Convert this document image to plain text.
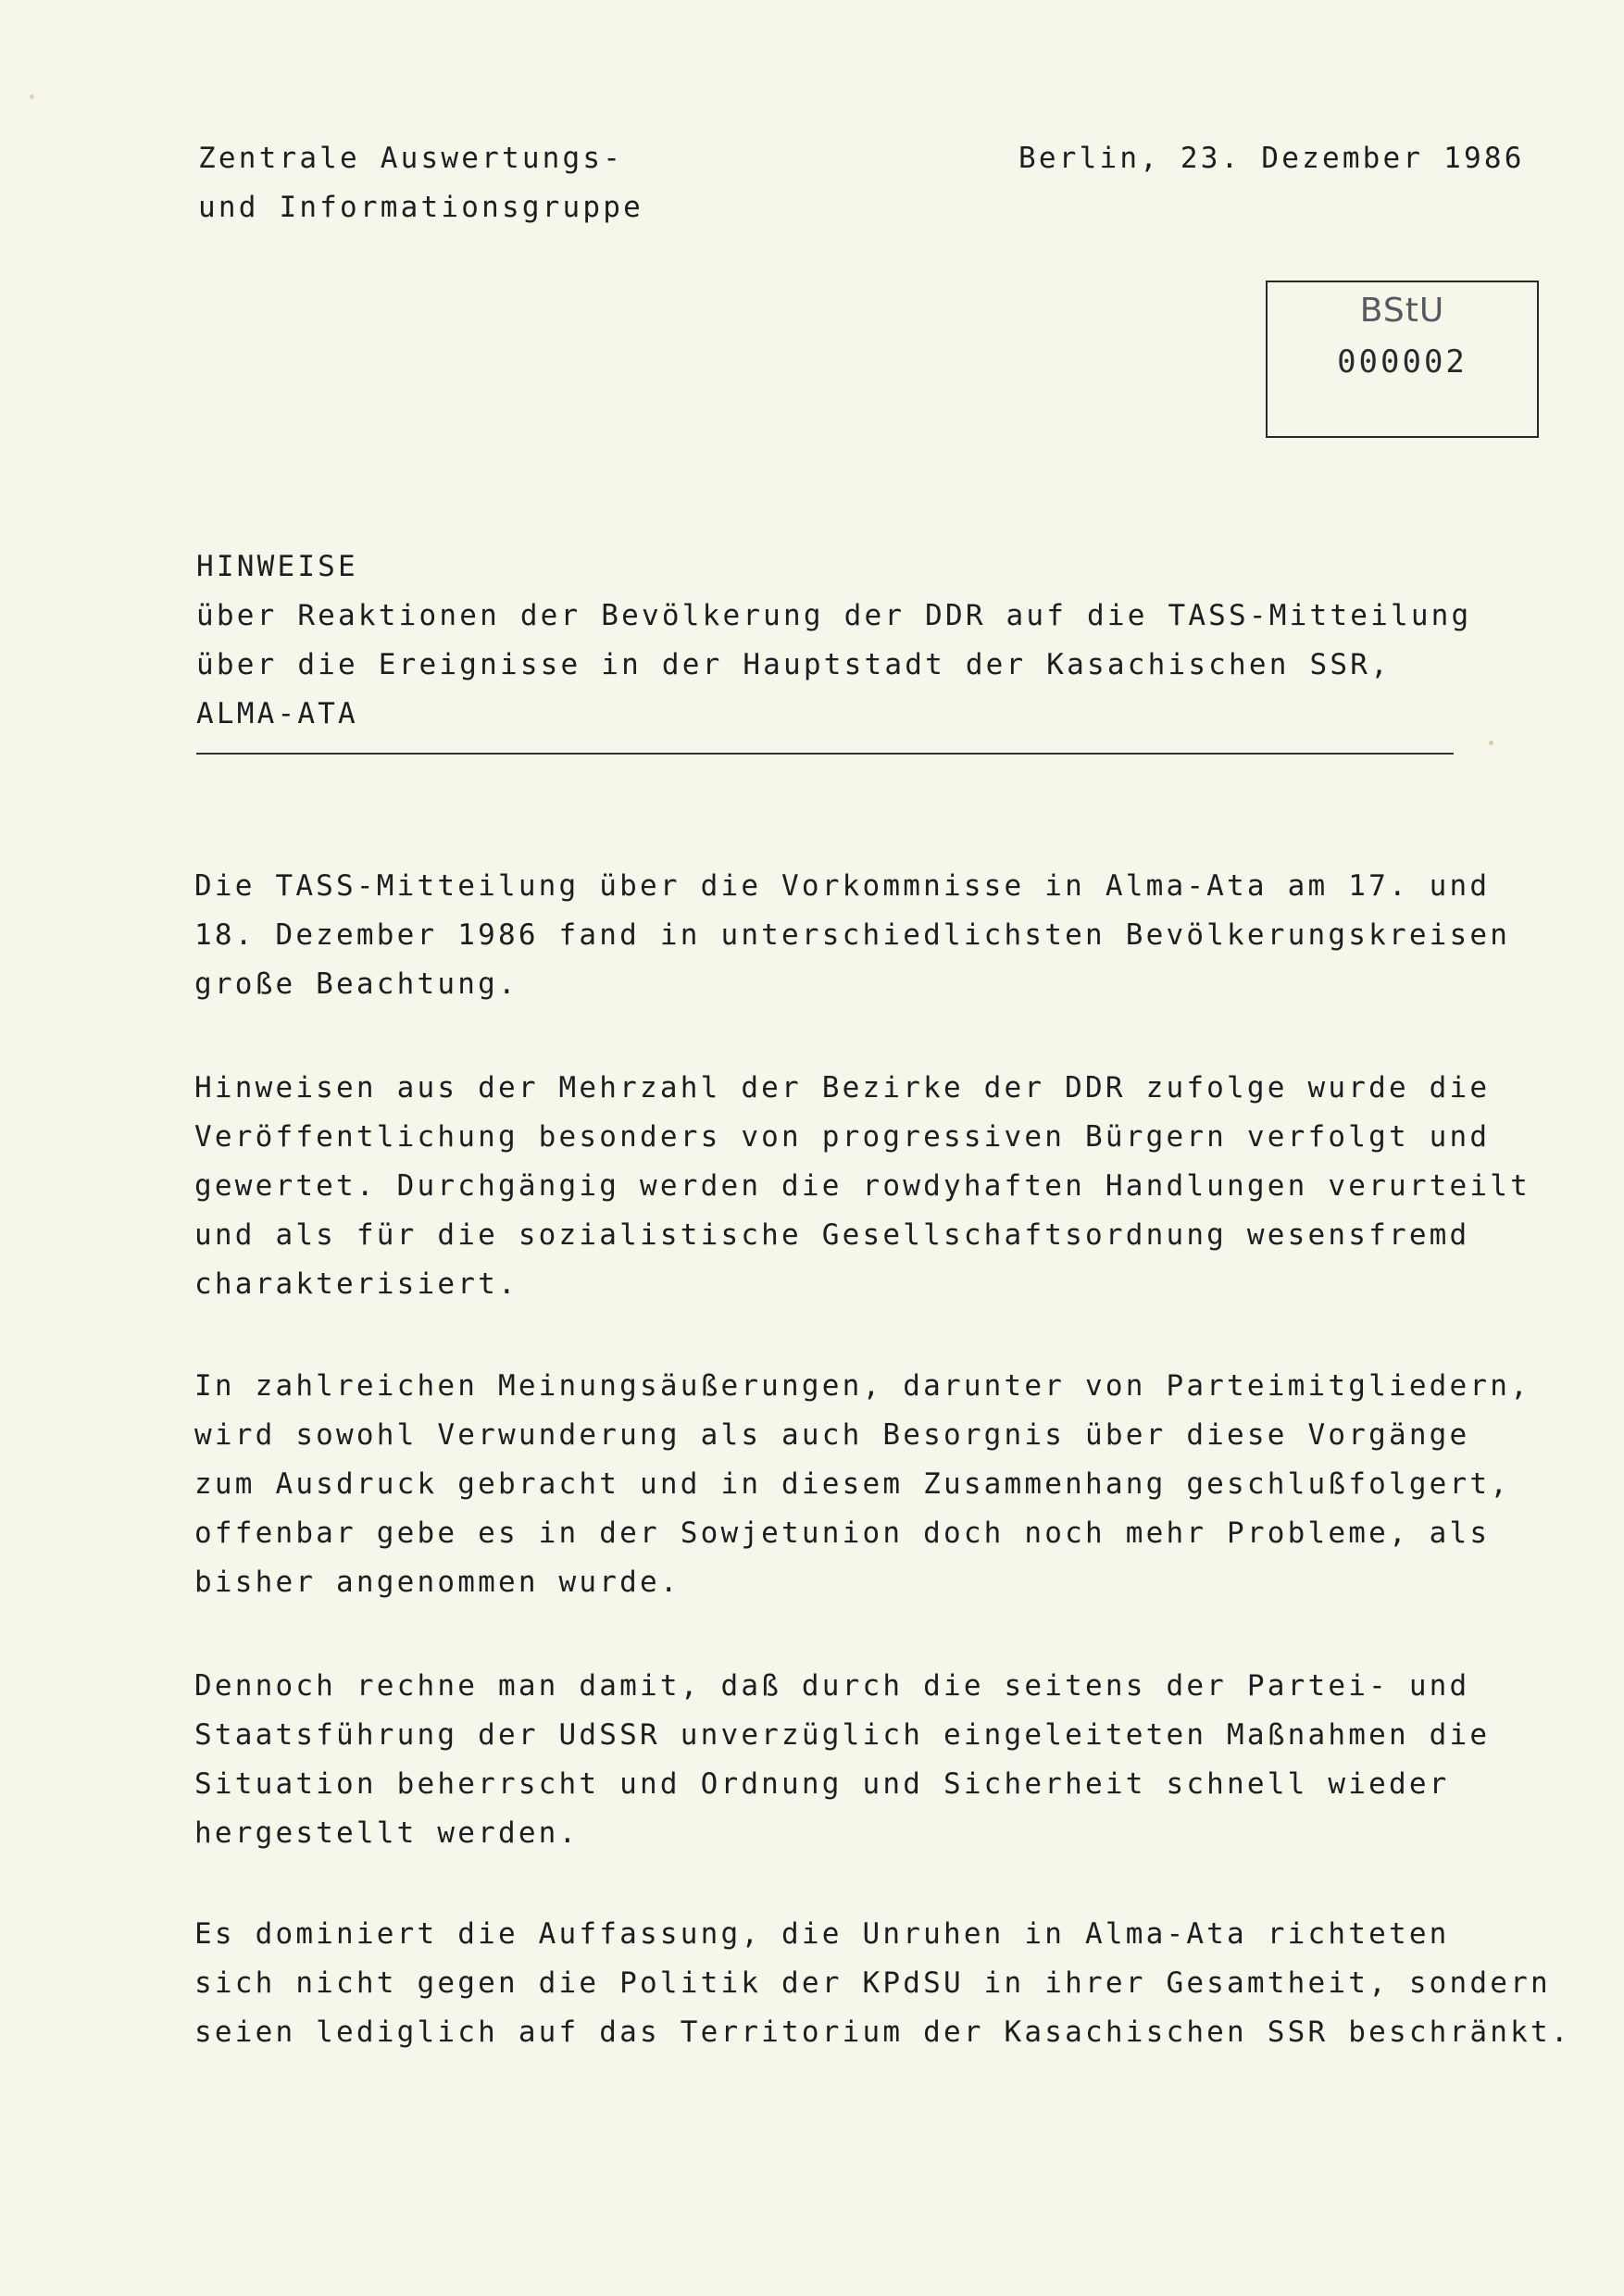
Zentrale Auswertungs-
und Informationsgruppe
Berlin, 23. Dezember 1986
BStU
000002
HINWEISE
über Reaktionen der Bevölkerung der DDR auf die TASS-Mitteilung
über die Ereignisse in der Hauptstadt der Kasachischen SSR,
ALMA-ATA
Die TASS-Mitteilung über die Vorkommnisse in Alma-Ata am 17. und
18. Dezember 1986 fand in unterschiedlichsten Bevölkerungskreisen
große Beachtung.
Hinweisen aus der Mehrzahl der Bezirke der DDR zufolge wurde die
Veröffentlichung besonders von progressiven Bürgern verfolgt und
gewertet. Durchgängig werden die rowdyhaften Handlungen verurteilt
und als für die sozialistische Gesellschaftsordnung wesensfremd
charakterisiert.
In zahlreichen Meinungsäußerungen, darunter von Parteimitgliedern,
wird sowohl Verwunderung als auch Besorgnis über diese Vorgänge
zum Ausdruck gebracht und in diesem Zusammenhang geschlußfolgert,
offenbar gebe es in der Sowjetunion doch noch mehr Probleme, als
bisher angenommen wurde.
Dennoch rechne man damit, daß durch die seitens der Partei- und
Staatsführung der UdSSR unverzüglich eingeleiteten Maßnahmen die
Situation beherrscht und Ordnung und Sicherheit schnell wieder
hergestellt werden.
Es dominiert die Auffassung, die Unruhen in Alma-Ata richteten
sich nicht gegen die Politik der KPdSU in ihrer Gesamtheit, sondern
seien lediglich auf das Territorium der Kasachischen SSR beschränkt.
